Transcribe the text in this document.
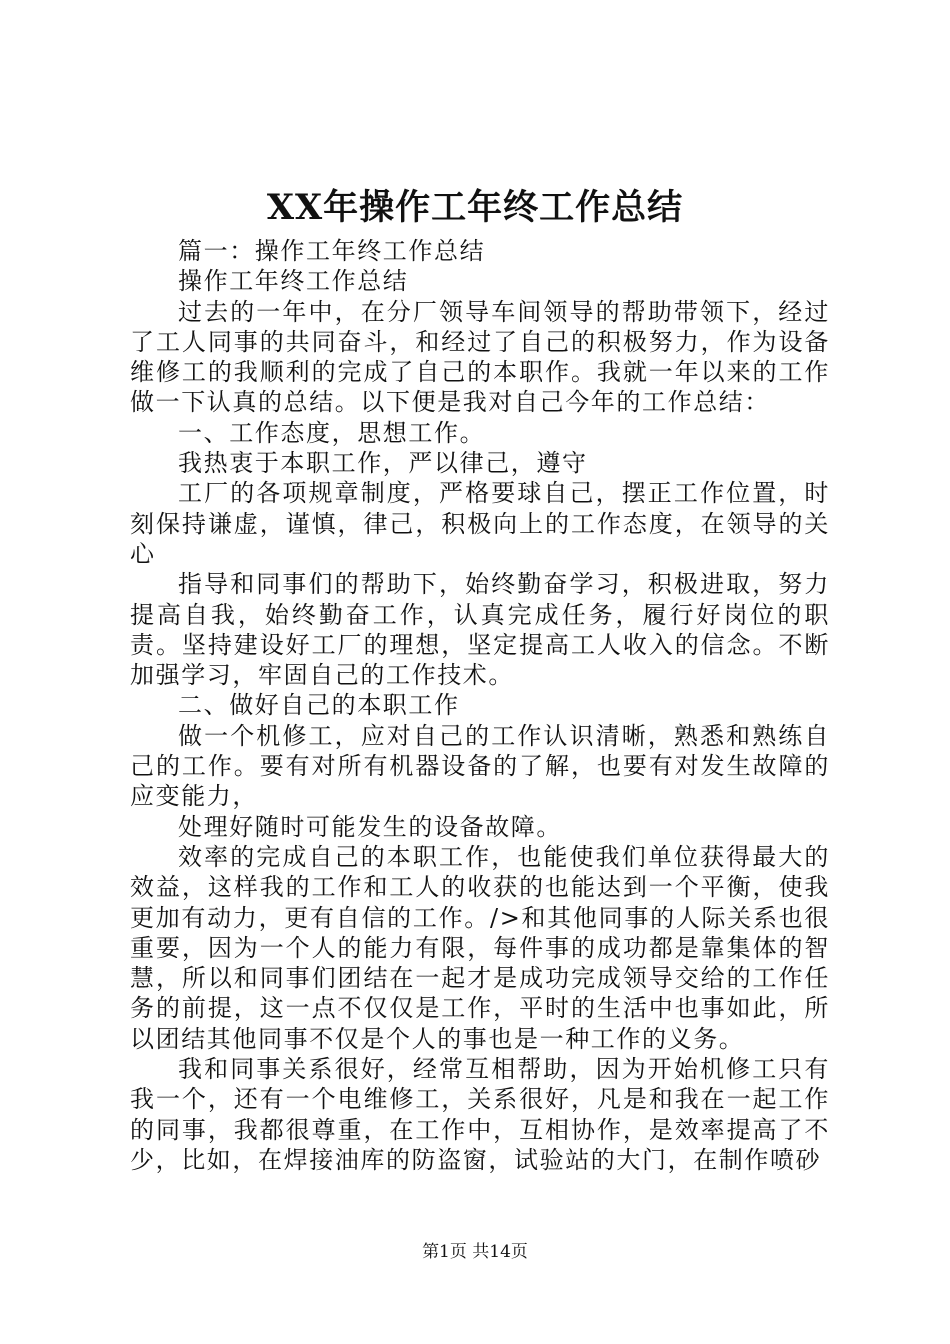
XX年操作工年终工作总结

篇一：操作工年终工作总结

操作工年终工作总结

过去的一年中，在分厂领导车间领导的帮助带领下，经过了工人同事的共同奋斗，和经过了自己的积极努力，作为设备维修工的我顺利的完成了自己的本职作。我就一年以来的工作做一下认真的总结。以下便是我对自己今年的工作总结：

一、工作态度，思想工作。

我热衷于本职工作，严以律己，遵守

工厂的各项规章制度，严格要球自己，摆正工作位置，时刻保持谦虚，谨慎，律己，积极向上的工作态度，在领导的关心

指导和同事们的帮助下，始终勤奋学习，积极进取，努力提高自我，始终勤奋工作，认真完成任务，履行好岗位的职责。坚持建设好工厂的理想，坚定提高工人收入的信念。不断加强学习，牢固自己的工作技术。

二、做好自己的本职工作

做一个机修工，应对自己的工作认识清晰，熟悉和熟练自己的工作。要有对所有机器设备的了解，也要有对发生故障的应变能力，

处理好随时可能发生的设备故障。

效率的完成自己的本职工作，也能使我们单位获得最大的效益，这样我的工作和工人的收获的也能达到一个平衡，使我更加有动力，更有自信的工作。/>和其他同事的人际关系也很重要，因为一个人的能力有限，每件事的成功都是靠集体的智慧，所以和同事们团结在一起才是成功完成领导交给的工作任务的前提，这一点不仅仅是工作，平时的生活中也事如此，所以团结其他同事不仅是个人的事也是一种工作的义务。

我和同事关系很好，经常互相帮助，因为开始机修工只有我一个，还有一个电维修工，关系很好，凡是和我在一起工作的同事，我都很尊重，在工作中，互相协作，是效率提高了不少，比如，在焊接油库的防盗窗，试验站的大门，在制作喷砂

第1页 共14页
